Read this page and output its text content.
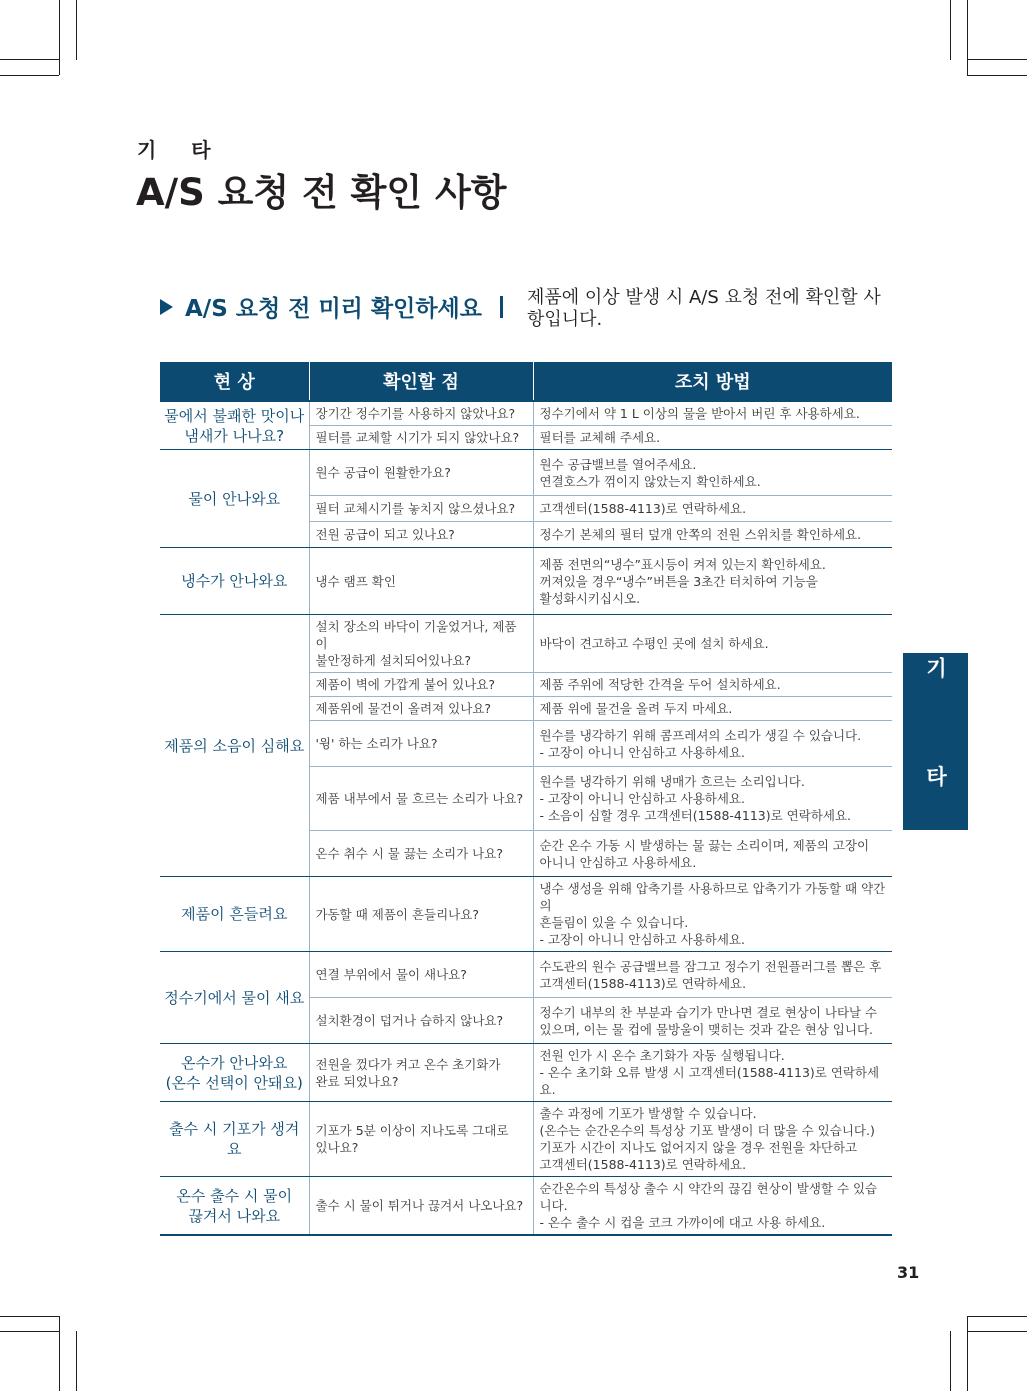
기 타
A/S 요청 전 확인 사항
A/S 요청 전 미리 확인하세요	제품에 이상 발생 시 A/S 요청 전에 확인할 사항입니다.
현 상	확인할 점	조치 방법
물에서 불쾌한 맛이나 냄새가 나나요?	장기간 정수기를 사용하지 않았나요?	정수기에서 약 1 L 이상의 물을 받아서 버린 후 사용하세요.
	필터를 교체할 시기가 되지 않았나요?	필터를 교체해 주세요.
물이 안나와요	원수 공급이 원활한가요?	원수 공급밸브를 열어주세요.
연결호스가 꺾이지 않았는지 확인하세요.
	필터 교체시기를 놓치지 않으셨나요?	고객센터(1588-4113)로 연락하세요.
	전원 공급이 되고 있나요?	정수기 본체의 필터 덮개 안쪽의 전원 스위치를 확인하세요.
냉수가 안나와요	냉수 램프 확인	제품 전면의“냉수”표시등이 켜져 있는지 확인하세요.
꺼져있을 경우“냉수”버튼을 3초간 터치하여 기능을
활성화시키십시오.
제품의 소음이 심해요	설치 장소의 바닥이 기울었거나, 제품이
불안정하게 설치되어있나요?	바닥이 견고하고 수평인 곳에 설치 하세요.
	제품이 벽에 가깝게 붙어 있나요?	제품 주위에 적당한 간격을 두어 설치하세요.
	제품위에 물건이 올려져 있나요?	제품 위에 물건을 올려 두지 마세요.
	'윙' 하는 소리가 나요?	원수를 냉각하기 위해 콤프레셔의 소리가 생길 수 있습니다.
- 고장이 아니니 안심하고 사용하세요.
	제품 내부에서 물 흐르는 소리가 나요?	원수를 냉각하기 위해 냉매가 흐르는 소리입니다.
- 고장이 아니니 안심하고 사용하세요.
- 소음이 심할 경우 고객센터(1588-4113)로 연락하세요.
	온수 취수 시 물 끓는 소리가 나요?	순간 온수 가동 시 발생하는 물 끓는 소리이며, 제품의 고장이
아니니 안심하고 사용하세요.
제품이 흔들려요	가동할 때 제품이 흔들리나요?	냉수 생성을 위해 압축기를 사용하므로 압축기가 가동할 때 약간의
흔들림이 있을 수 있습니다.
- 고장이 아니니 안심하고 사용하세요.
정수기에서 물이 새요	연결 부위에서 물이 새나요?	수도관의 원수 공급밸브를 잠그고 정수기 전원플러그를 뽑은 후
고객센터(1588-4113)로 연락하세요.
	설치환경이 덥거나 습하지 않나요?	정수기 내부의 찬 부분과 습기가 만나면 결로 현상이 나타날 수
있으며, 이는 물 컵에 물방울이 맺히는 것과 같은 현상 입니다.
온수가 안나와요
(온수 선택이 안돼요)	전원을 껐다가 켜고 온수 초기화가
완료 되었나요?	전원 인가 시 온수 초기화가 자동 실행됩니다.
- 온수 초기화 오류 발생 시 고객센터(1588-4113)로 연락하세요.
출수 시 기포가 생겨요	기포가 5분 이상이 지나도록 그대로
있나요?	출수 과정에 기포가 발생할 수 있습니다.
(온수는 순간온수의 특성상 기포 발생이 더 많을 수 있습니다.)
기포가 시간이 지나도 없어지지 않을 경우 전원을 차단하고
고객센터(1588-4113)로 연락하세요.
온수 출수 시 물이
끊겨서 나와요	출수 시 물이 튀거나 끊겨서 나오나요?	순간온수의 특성상 출수 시 약간의 끊김 현상이 발생할 수 있습니다.
- 온수 출수 시 컵을 코크 가까이에 대고 사용 하세요.
기 타
31
